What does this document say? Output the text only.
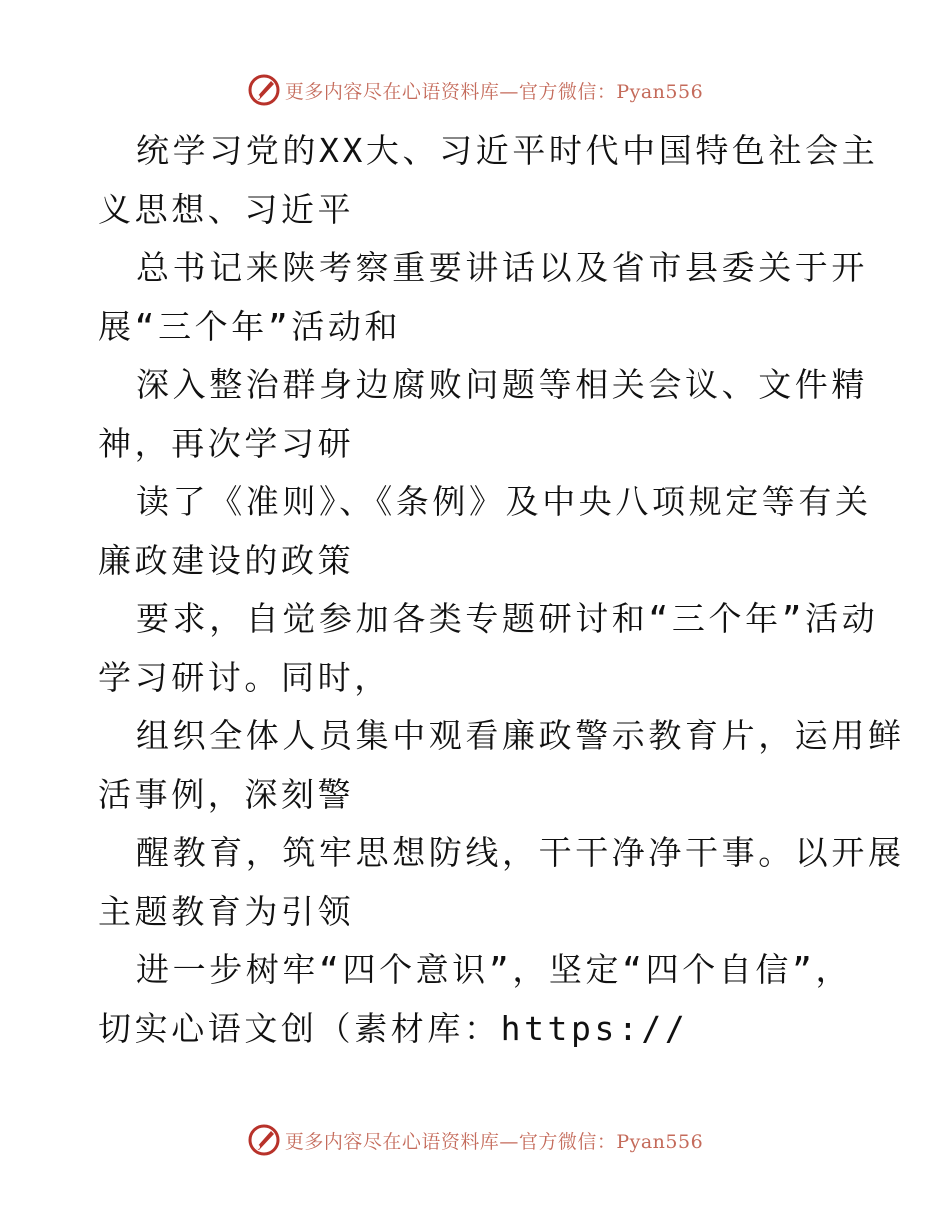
更多内容尽在心语资料库—官方微信：Pyan556
统学习党的XX大、习近平时代中国特色社会主
义思想、习近平
总书记来陕考察重要讲话以及省市县委关于开
展“三个年”活动和
深入整治群身边腐败问题等相关会议、文件精
神，再次学习研
读了《准则》、《条例》及中央八项规定等有关
廉政建设的政策
要求，自觉参加各类专题研讨和“三个年”活动
学习研讨。同时，
组织全体人员集中观看廉政警示教育片，运用鲜
活事例，深刻警
醒教育，筑牢思想防线，干干净净干事。以开展
主题教育为引领
进一步树牢“四个意识”，坚定“四个自信”，
切实心语文创（素材库：https://
更多内容尽在心语资料库—官方微信：Pyan556
